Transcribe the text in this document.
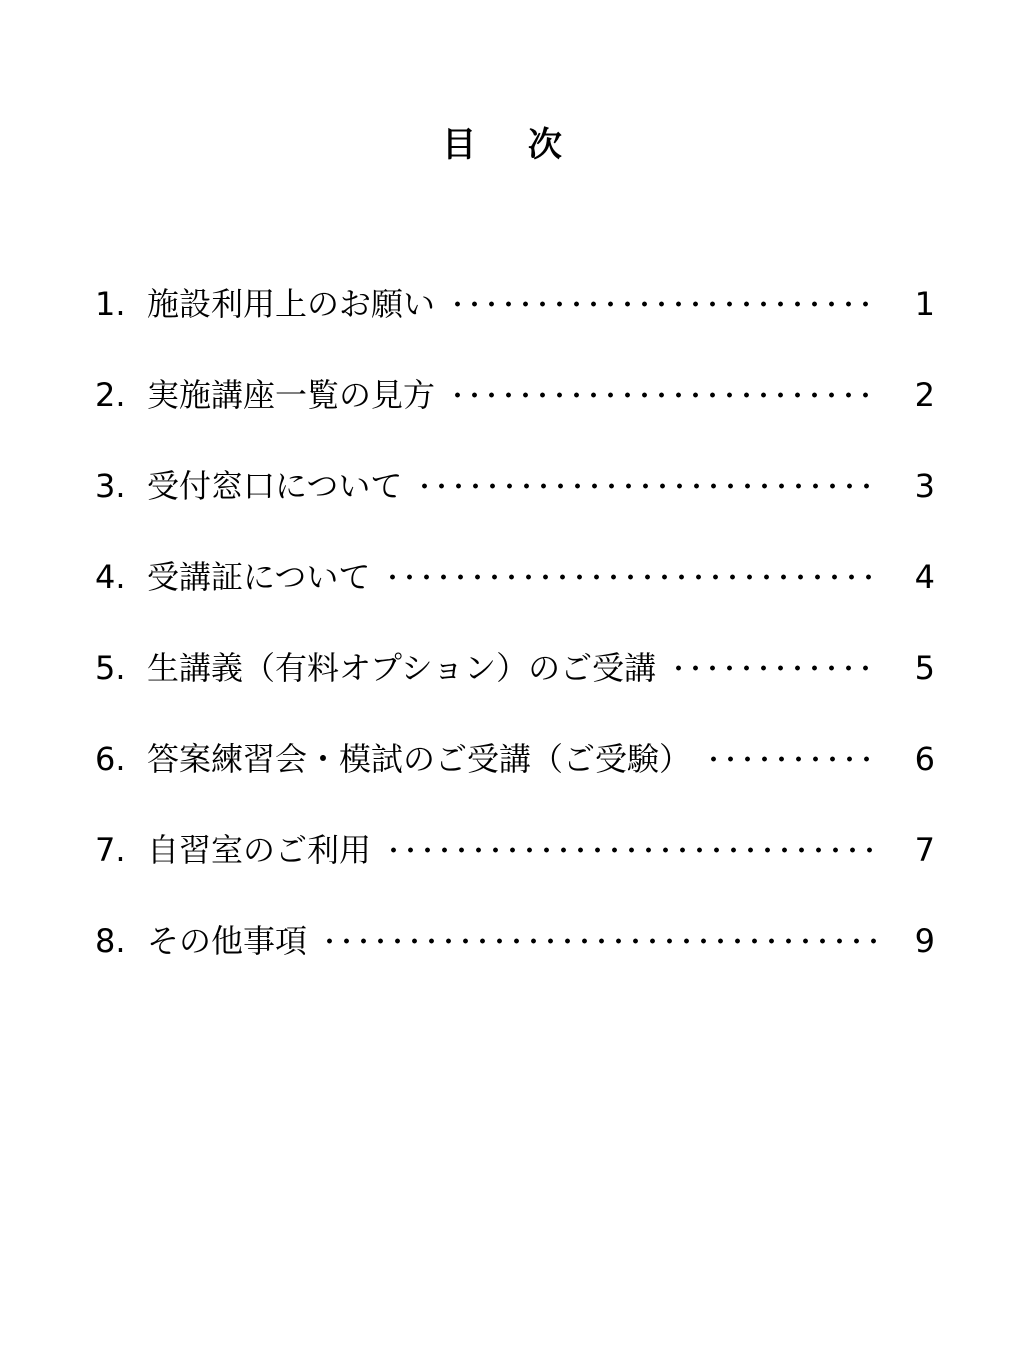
目 次
1. 施設利用上のお願い	1
2. 実施講座一覧の見方	2
3. 受付窓口について	3
4. 受講証について	4
5. 生講義（有料オプション）のご受講	5
6. 答案練習会・模試のご受講（ご受験）	6
7. 自習室のご利用	7
8. その他事項	9
